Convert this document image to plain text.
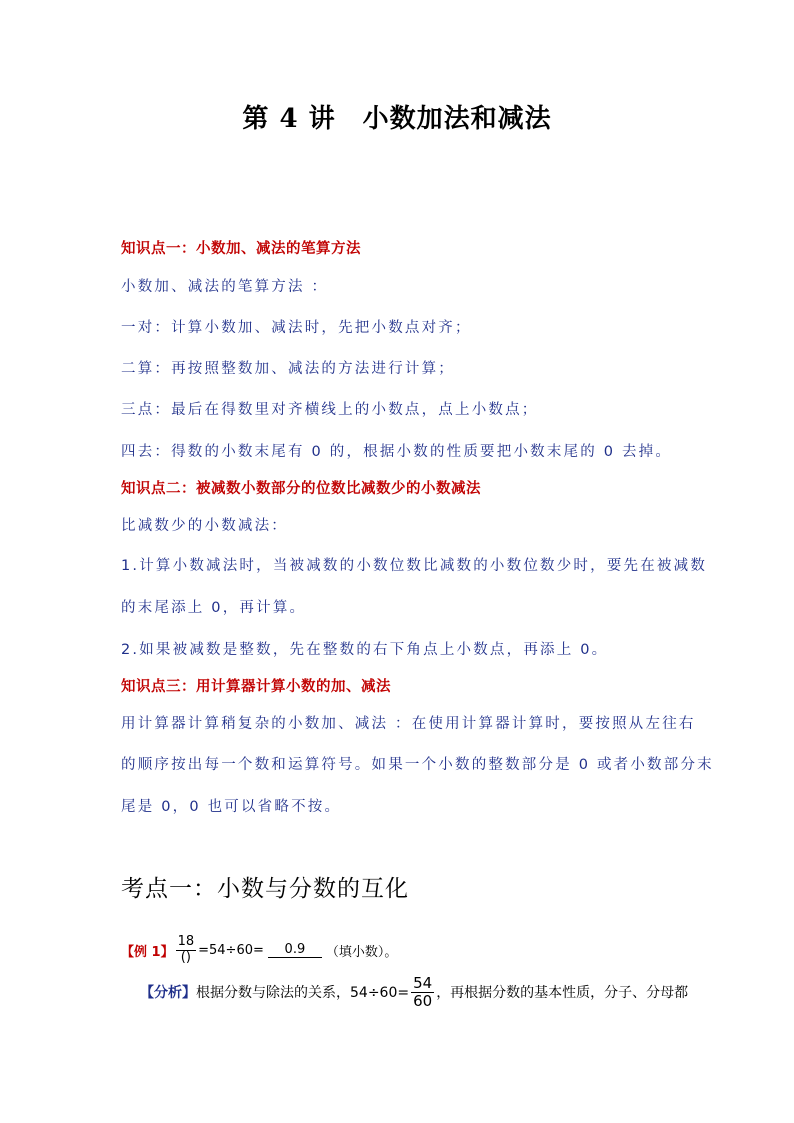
第 4 讲　小数加法和减法
知识点一：小数加、减法的笔算方法
小数加、减法的笔算方法 ：
一对：计算小数加、减法时，先把小数点对齐；
二算：再按照整数加、减法的方法进行计算；
三点：最后在得数里对齐横线上的小数点，点上小数点；
四去：得数的小数末尾有 0 的，根据小数的性质要把小数末尾的 0 去掉。
知识点二：被减数小数部分的位数比减数少的小数减法
比减数少的小数减法：
1.计算小数减法时，当被减数的小数位数比减数的小数位数少时，要先在被减数
的末尾添上 0，再计算。
2.如果被减数是整数，先在整数的右下角点上小数点，再添上 0。
知识点三：用计算器计算小数的加、减法
用计算器计算稍复杂的小数加、减法 ：在使用计算器计算时，要按照从左往右
的顺序按出每一个数和运算符号。如果一个小数的整数部分是 0 或者小数部分末
尾是 0，0 也可以省略不按。
考点一：小数与分数的互化
【例 1】 $\frac{18}{()} =54\div 60=$	0.9	（填小数）。
【分析】 根据分数与除法的关系，$54\div 60= \frac{54}{60}$ ，再根据分数的基本性质，分子、分母都
